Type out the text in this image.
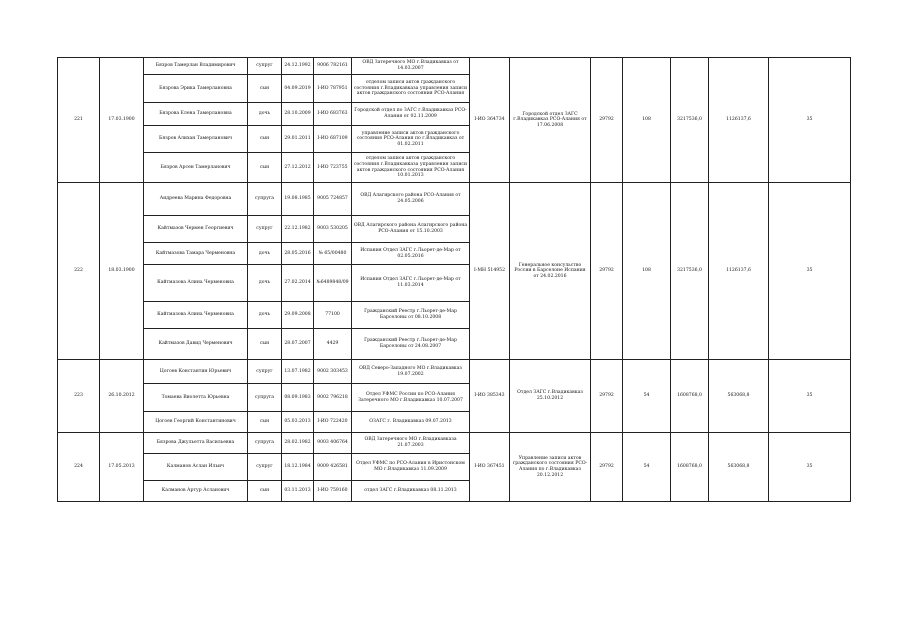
221	17.03.1900	Бязров Тамерлан Владимирович	супруг	24.12.1992	9006 782161	ОВД Затеречного МО г.Владикавказ от 14.03.2007	I-ИО 364734	Городской отдел ЗАГС г.Владикавказ РСО-Алания от 17.06.2008	29792	108	3217536,0	1126137,6	35
		Бязрова Эрика Тамерлановна	сын	04.09.2019	I-ИО 787951	отделом записи актов гражданского состояния г.Владикавказа управления записи актов гражданского состояния РСО-Алания							
		Бязрова Елена Тамерлановна	дочь	28.10.2009	I-ИО 683763	Городской отдел по ЗАГС г.Владикавказ РСО-Алания от 02.11.2009							
		Бязров Алихан Тамерланович	сын	29.01.2011	I-ИО 687109	управление записи актов гражданского состояния РСО-Алания по г.Владикавказ от 01.02.2011							
		Бязров Арсен Тамерланович	сын	27.12.2012	I-ИО 723755	отделом записи актов гражданского состояния г.Владикавказа управления записи актов гражданского состояния РСО-Алания 10.01.2013							
222	18.03.1900	Андреева Марина Федоровна	супруга	19.08.1985	9005 724857	ОВД Алагирского района РСО-Алания от 24.05.2006	I-МН 514952	Генеральное консульство России в Барселоне Испания от 24.02.2016	29792	108	3217536,0	1126137,6	35
		Кайтмазов Чермен Георгиевич	супруг	22.12.1982	9003 530205	ОВД Алагирского района Алагирского района РСО-Алания от 15.10.2003							
		Кайтмазова Тамара Черменовна	дочь	28.05.2016	№ 65/00480	Испания Отдел ЗАГС г.Льорет-де-Мар от 02.05.2016							
		Кайтмазова Алина Черменовна	дочь	27.02.2014	№6489848/09	Испания Отдел ЗАГС г.Льорет-де-Мар от 11.03.2014							
		Кайтмазова Алина Черменовна	дочь	29.09.2008	77100	Гражданский Реестр г.Льорет-де-Мар Барселоны от 08.10.2008							
		Кайтмазов Давид Черменович	сын	28.07.2007	4429	Гражданский Реестр г.Льорет-де-Мар Барселоны от 24.08.2007							
223	26.10.2012	Цогоев Константин Юрьевич	супруг	13.07.1982	9002 303453	ОВД Северо-Западного МО г.Владикавказ 19.07.2002	I-ИО 385343	Отдел ЗАГС г.Владикавказ 25.10.2012	29792	54	1608768,0	563068,8	35
		Томаева Виолетта Юрьевна	супруга	08.09.1983	9002 796218	Отдел УФМС России по РСО-Алания Затеречного МО г.Владикавказ 10.07.2007							
		Цогоев Георгий Константинович	сын	05.03.2013	I-ИО 722420	ОЗАГС г. Владикавказ 09.07.2013							
224	17.05.2013	Бязрова Джульетта Васильевна	супруга	28.02.1982	9003 406764	ОВД Затеречного МО г.Владикавказа 21.07.2003	I-ИО 367451	Управление записи актов гражданского состояния РСО-Алания по г.Владикавказ 20.12.2012	29792	54	1608768,0	563068,8	35
		Калманов Аслан Ильич	супруг	18.12.1984	9009 426581	Отдел УФМС по РСО-Алания в Иристонском МО г.Владикавказ 11.09.2009							
		Калманов Артур Асланович	сын	03.11.2013	I-ИО 759160	отдел ЗАГС г.Владикавказ 08.11.2013							
